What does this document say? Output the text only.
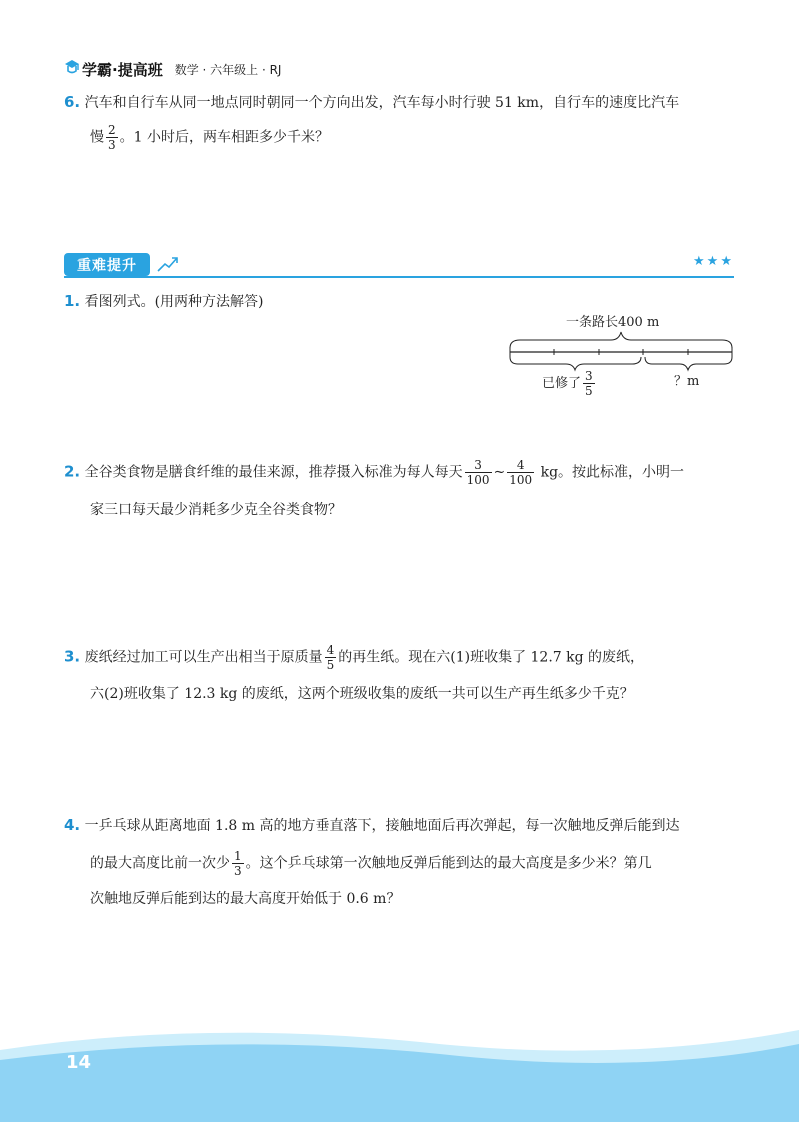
学霸·提高班 数学 · 六年级上 · RJ
6. 汽车和自行车从同一地点同时朝同一个方向出发，汽车每小时行驶 51 km，自行车的速度比汽车
慢 $\frac{2}{3}$ 。1 小时后，两车相距多少千米？
重难提升	★★★
1. 看图列式。(用两种方法解答)
一条路长400 m
已修了 $\frac{3}{5}$	？m
2. 全谷类食物是膳食纤维的最佳来源，推荐摄入标准为每人每天 $\frac{3}{100}$ ~ $\frac{4}{100}$ kg。按此标准，小明一
家三口每天最少消耗多少克全谷类食物？
3. 废纸经过加工可以生产出相当于原质量 $\frac{4}{5}$ 的再生纸。现在六(1)班收集了 12.7 kg 的废纸，
六(2)班收集了 12.3 kg 的废纸，这两个班级收集的废纸一共可以生产再生纸多少千克？
4. 一乒乓球从距离地面 1.8 m 高的地方垂直落下，接触地面后再次弹起，每一次触地反弹后能到达
的最大高度比前一次少 $\frac{1}{3}$ 。这个乒乓球第一次触地反弹后能到达的最大高度是多少米？第几
次触地反弹后能到达的最大高度开始低于 0.6 m？
14
